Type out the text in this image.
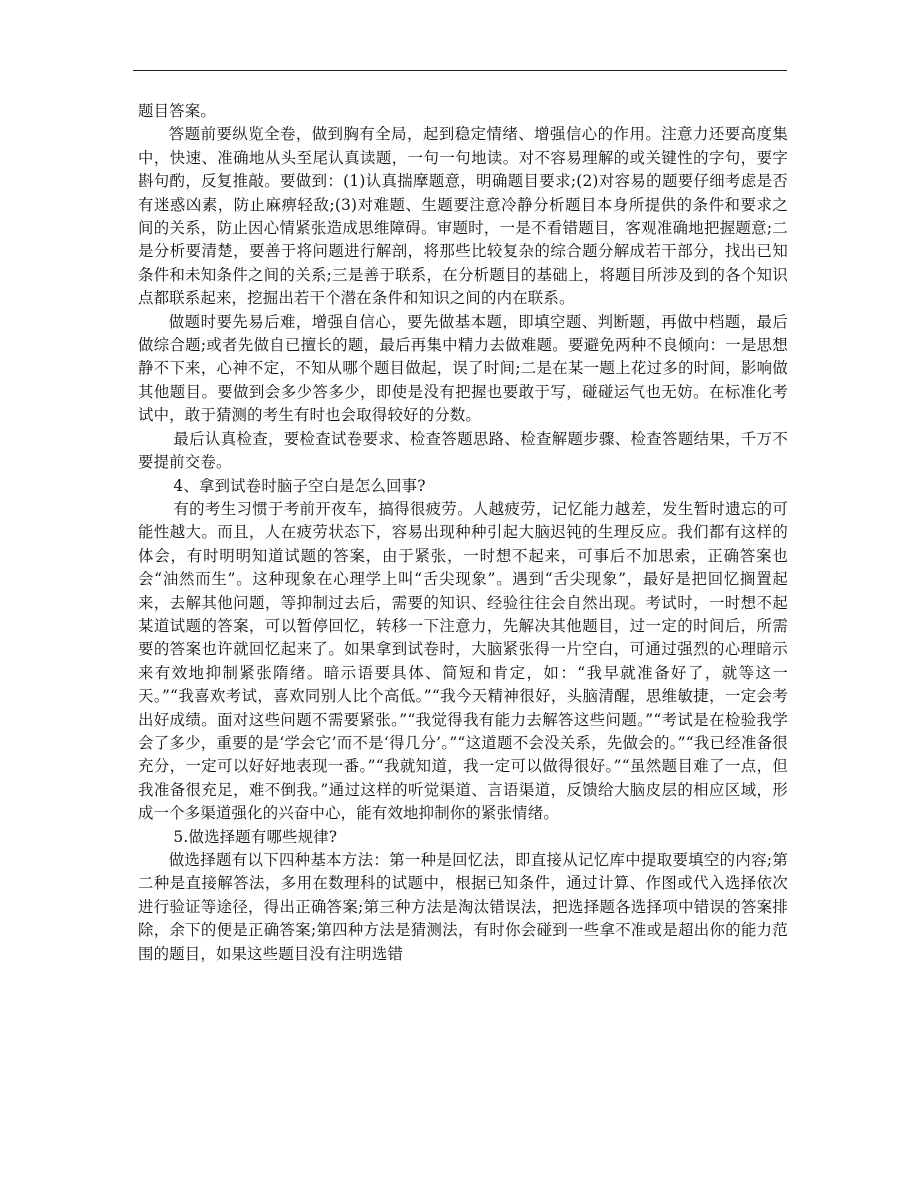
题目答案。

答题前要纵览全卷，做到胸有全局，起到稳定情绪、增强信心的作用。注意力还要高度集中，快速、准确地从头至尾认真读题，一句一句地读。对不容易理解的或关键性的字句，要字斟句酌，反复推敲。要做到：(1)认真揣摩题意，明确题目要求;(2)对容易的题要仔细考虑是否有迷惑凶素，防止麻痹轻敌;(3)对难题、生题要注意冷静分析题目本身所提供的条件和要求之间的关系，防止因心情紧张造成思维障碍。审题时，一是不看错题目，客观准确地把握题意;二是分析要清楚，要善于将问题进行解剖，将那些比较复杂的综合题分解成若干部分，找出已知条件和未知条件之间的关系;三是善于联系，在分析题目的基础上，将题目所涉及到的各个知识点都联系起来，挖掘出若干个潜在条件和知识之间的内在联系。

做题时要先易后难，增强自信心，要先做基本题，即填空题、判断题，再做中档题，最后做综合题;或者先做自已擅长的题，最后再集中精力去做难题。要避免两种不良倾向：一是思想静不下来，心神不定，不知从哪个题目做起，误了时间;二是在某一题上花过多的时间，影响做其他题目。要做到会多少答多少，即使是没有把握也要敢于写，碰碰运气也无妨。在标准化考试中，敢于猜测的考生有时也会取得较好的分数。

最后认真检查，要检查试卷要求、检查答题思路、检查解题步骤、检查答题结果，千万不要提前交卷。

4、拿到试卷时脑子空白是怎么回事?

有的考生习惯于考前开夜车，搞得很疲劳。人越疲劳，记忆能力越差，发生暂时遗忘的可能性越大。而且，人在疲劳状态下，容易出现种种引起大脑迟钝的生理反应。我们都有这样的体会，有时明明知道试题的答案，由于紧张，一时想不起来，可事后不加思索，正确答案也会“油然而生”。这种现象在心理学上叫“舌尖现象”。遇到“舌尖现象”，最好是把回忆搁置起来，去解其他问题，等抑制过去后，需要的知识、经验往往会自然出现。考试时，一时想不起某道试题的答案，可以暂停回忆，转移一下注意力，先解决其他题目，过一定的时间后，所需要的答案也许就回忆起来了。如果拿到试卷时，大脑紧张得一片空白，可通过强烈的心理暗示来有效地抑制紧张隋绪。暗示语要具体、简短和肯定，如：“我早就准备好了，就等这一天。”“我喜欢考试，喜欢同别人比个高低。”“我今天精神很好，头脑清醒，思维敏捷，一定会考出好成绩。面对这些问题不需要紧张。”“我觉得我有能力去解答这些问题。”“考试是在检验我学会了多少，重要的是‘学会它’而不是‘得几分’。”“这道题不会没关系，先做会的。”“我已经准备很充分，一定可以好好地表现一番。”“我就知道，我一定可以做得很好。”“虽然题目难了一点，但我准备很充足，难不倒我。”通过这样的听觉渠道、言语渠道，反馈给大脑皮层的相应区域，形成一个多渠道强化的兴奋中心，能有效地抑制你的紧张情绪。

5.做选择题有哪些规律?

做选择题有以下四种基本方法：第一种是回忆法，即直接从记忆库中提取要填空的内容;第二种是直接解答法，多用在数理科的试题中，根据已知条件，通过计算、作图或代入选择依次进行验证等途径，得出正确答案;第三种方法是淘汰错误法，把选择题各选择项中错误的答案排除，余下的便是正确答案;第四种方法是猜测法，有时你会碰到一些拿不准或是超出你的能力范围的题目，如果这些题目没有注明选错
